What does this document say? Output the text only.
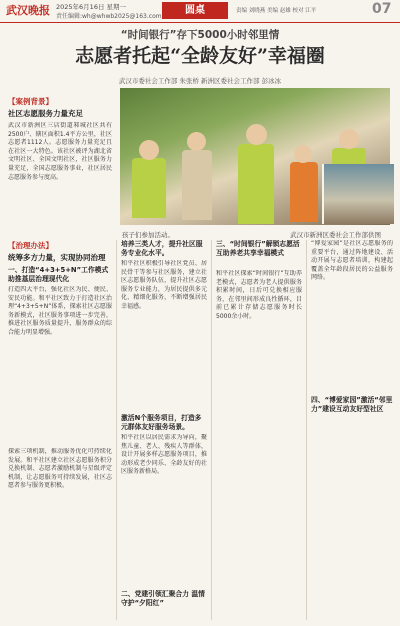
武汉晚报 2025年6月16日 星期一
责任编辑:wh@whwb2025@163.com
圆桌	责编 刘晓燕 美编 赵雄 校对 江平	07
“时间银行”存下5000小时邻里情
志愿者托起“全龄友好”幸福圈
武汉市委社会工作部 朱张桥 新洲区委社会工作部 彭冰冰
孩子们参加活动。	武汉市新洲区委社会工作部供图
【案例背景】
社区志愿服务力量充足
武汉市新洲区三店街道邾城社区共有2500户、辖区面积1.4平方公里，社区志愿者1112人。志愿服务力量充足且在社区一大特色。该社区被评为湖北省文明社区、全国文明社区，社区服务力量充足，全国志愿服务事业，社区居民志愿服务参与度高。
【治理办法】
统筹多方力量，实现协同治理
一、打造“4+3+5+N”工作模式 助推基层治理现代化
打造四大平台，强化社区为民、便民、安民功能。和平社区致力于打造社区治理“4+3+5+N”体系，探索社区志愿服务新模式，社区服务事项进一步完善，推进社区服务质量提升，服务群众的综合能力明显增强。
探索三项机制，推动服务优化可持续化发展。和平社区建立社区志愿服务积分兑换机制、志愿者激励机制与星级评定机制，让志愿服务可持续发展，社区志愿者参与服务更积极。
培养三类人才，提升社区服务专业化水平。
和平社区积极引导社区党员、居民骨干等参与社区服务，建立社区志愿服务队伍，提升社区志愿服务专业能力，为居民提供多元化、精细化服务，不断增强居民幸福感。
激活N个服务项目，打造多元群体友好服务场景。
和平社区以居民需求为导向，聚焦儿童、老人、残疾人等群体，设计开展多样志愿服务项目，推动形成老少同乐、全龄友好的社区服务新格局。
二、党建引领汇聚合力 温情守护“夕阳红”
三、“时间银行”解锁志愿活互助养老共享幸福模式
和平社区探索“时间银行”互助养老模式，志愿者为老人提供服务积累时间，日后可兑换相应服务，在邻里间形成良性循环，目前已累计存储志愿服务时长5000余小时。
“博爱家园”是社区志愿服务的重要平台，通过阵地建设、活动开展与志愿者培训，构建起覆盖全年龄段居民的公益服务网络。
四、“博爱家园”激活“邻里力”建设互动友好型社区
